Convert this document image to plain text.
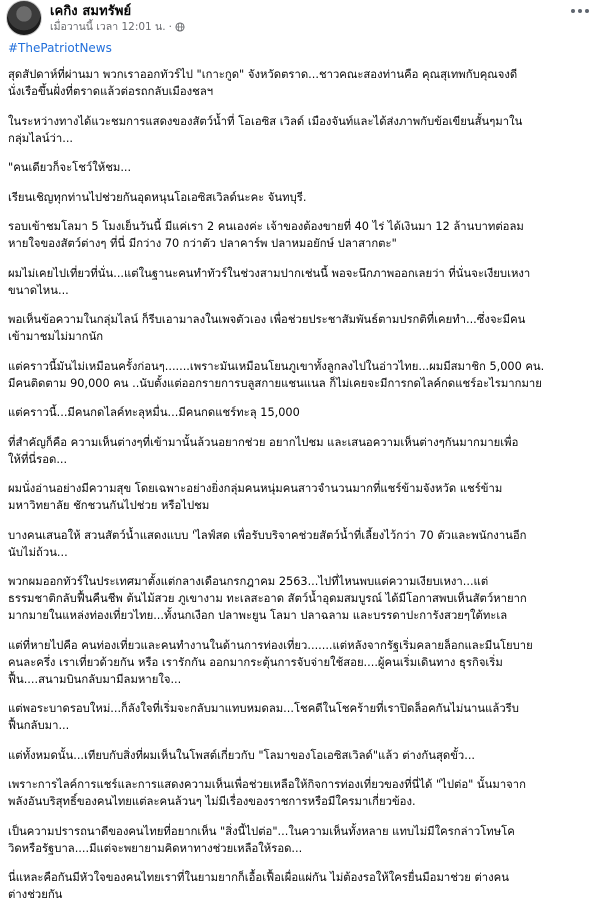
เคกิง สมทรัพย์
เมื่อวานนี้ เวลา 12:01 น. ·
#ThePatriotNews

สุดสัปดาห์ที่ผ่านมา พวกเราออกทัวร์ไป "เกาะกูด" จังหวัดตราด...ชาวคณะสองท่านคือ คุณสุเทพกับคุณจงดี
นั่งเรือขึ้นฝั่งที่ตราดแล้วต่อรถกลับเมืองชลฯ

ในระหว่างทางได้แวะชมการแสดงของสัตว์น้ำที่ โอเอซิส เวิลด์ เมืองจันท์และได้ส่งภาพกับข้อเขียนสั้นๆมาใน
กลุ่มไลน์ว่า...

"คนเดียวก็จะโชว์ให้ชม...

เรียนเชิญทุกท่านไปช่วยกันอุดหนุนโอเอซิสเวิลด์นะคะ จันทบุรี.

รอบเข้าชมโลมา 5 โมงเย็นวันนี้ มีแค่เรา 2 คนเองค่ะ เจ้าของต้องขายที่ 40 ไร่ ได้เงินมา 12 ล้านบาทต่อลม
หายใจของสัตว์ต่างๆ ที่นี่ มีกว่าง 70 กว่าตัว ปลาคาร์พ ปลาหมอยักษ์ ปลาสากตะ"

ผมไม่เคยไปเที่ยวที่นั่น...แต่ในฐานะคนทำทัวร์ในช่วงสามปากเช่นนี้ พอจะนึกภาพออกเลยว่า ที่นั่นจะเงียบเหงา
ขนาดไหน...

พอเห็นข้อความในกลุ่มไลน์ ก็รีบเอามาลงในเพจตัวเอง เพื่อช่วยประชาสัมพันธ์ตามปรกติที่เคยทำ...ซึ่งจะมีคน
เข้ามาชมไม่มากนัก

แต่คราวนี้มันไม่เหมือนครั้งก่อนๆ.......เพราะมันเหมือนโยนภูเขาทั้งลูกลงไปในอ่าวไทย...ผมมีสมาชิก 5,000 คน.
มีคนติดตาม 90,000 คน ..นับตั้งแต่ออกรายการบลูสกายแชนแนล ก็ไม่เคยจะมีการกดไลค์กดแชร์อะไรมากมาย

แต่คราวนี้...มีคนกดไลค์ทะลุหมื่น...มีคนกดแชร์ทะลุ 15,000

ที่สำคัญก็คือ ความเห็นต่างๆที่เข้ามานั้นล้วนอยากช่วย อยากไปชม และเสนอความเห็นต่างๆกันมากมายเพื่อ
ให้ที่นี่รอด...

ผมนั่งอ่านอย่างมีความสุข โดยเฉพาะอย่างยิ่งกลุ่มคนหนุ่มคนสาวจำนวนมากที่แชร์ข้ามจังหวัด แชร์ข้าม
มหาวิทยาลัย ชักชวนกันไปช่วย หรือไปชม

บางคนเสนอให้ สวนสัตว์น้ำแสดงแบบ 'ไลฟ์สด เพื่อรับบริจาคช่วยสัตว์น้ำที่เลี้ยงไว้กว่า 70 ตัวและพนักงานอีก
นับไม่ถ้วน...

พวกผมออกทัวร์ในประเทศมาตั้งแต่กลางเดือนกรกฎาคม 2563...ไปที่ไหนพบแต่ความเงียบเหงา...แต่
ธรรมชาติกลับฟื้นคืนชีพ ต้นไม้สวย ภูเขางาม ทะเลสะอาด สัตว์น้ำอุดมสมบูรณ์ ได้มีโอกาสพบเห็นสัตว์หายาก
มากมายในแหล่งท่องเที่ยวไทย...ทั้งนกเงือก ปลาพะยูน โลมา ปลาฉลาม และบรรดาปะการังสวยๆใต้ทะเล

แต่ที่หายไปคือ คนท่องเที่ยวและคนทำงานในด้านการท่องเที่ยว.......แต่หลังจากรัฐเริ่มคลายล็อกและมีนโยบาย
คนละครึ่ง เราเที่ยวด้วยกัน หรือ เรารักกัน ออกมากระตุ้นการจับจ่ายใช้สอย....ผู้คนเริ่มเดินทาง ธุรกิจเริ่ม
ฟื้น....สนามบินกลับมามีลมหายใจ...

แต่พอระบาดรอบใหม่...ก็ลังใจที่เริ่มจะกลับมาแทบหมดลม...โชคดีในโชคร้ายที่เราปิดล็อคกันไม่นานแล้วรีบ
ฟื้นกลับมา...

แต่ทั้งหมดนั้น...เทียบกับสิ่งที่ผมเห็นในโพสต์เกี่ยวกับ "โลมาของโอเอซิสเวิลด์"แล้ว ต่างกันสุดขั้ว...

เพราะการไลค์การแชร์และการแสดงความเห็นเพื่อช่วยเหลือให้กิจการท่องเที่ยวของที่นี่ได้ "ไปต่อ" นั้นมาจาก
พลังอันบริสุทธิ์ของคนไทยแต่ละคนล้วนๆ ไม่มีเรื่องของราชการหรือมีใครมาเกี่ยวข้อง.

เป็นความปรารถนาดีของคนไทยที่อยากเห็น "สิ่งนี้ไปต่อ"...ในความเห็นทั้งหลาย แทบไม่มีใครกล่าวโทษโค
วิดหรือรัฐบาล....มีแต่จะพยายามคิดหาทางช่วยเหลือให้รอด...

นี่แหละคือกันมีหัวใจของคนไทยเราที่ในยามยากก็เอื้อเฟื้อเผื่อแผ่กัน ไม่ต้องรอให้ใครยื่นมือมาช่วย ต่างคน
ต่างช่วยกัน
